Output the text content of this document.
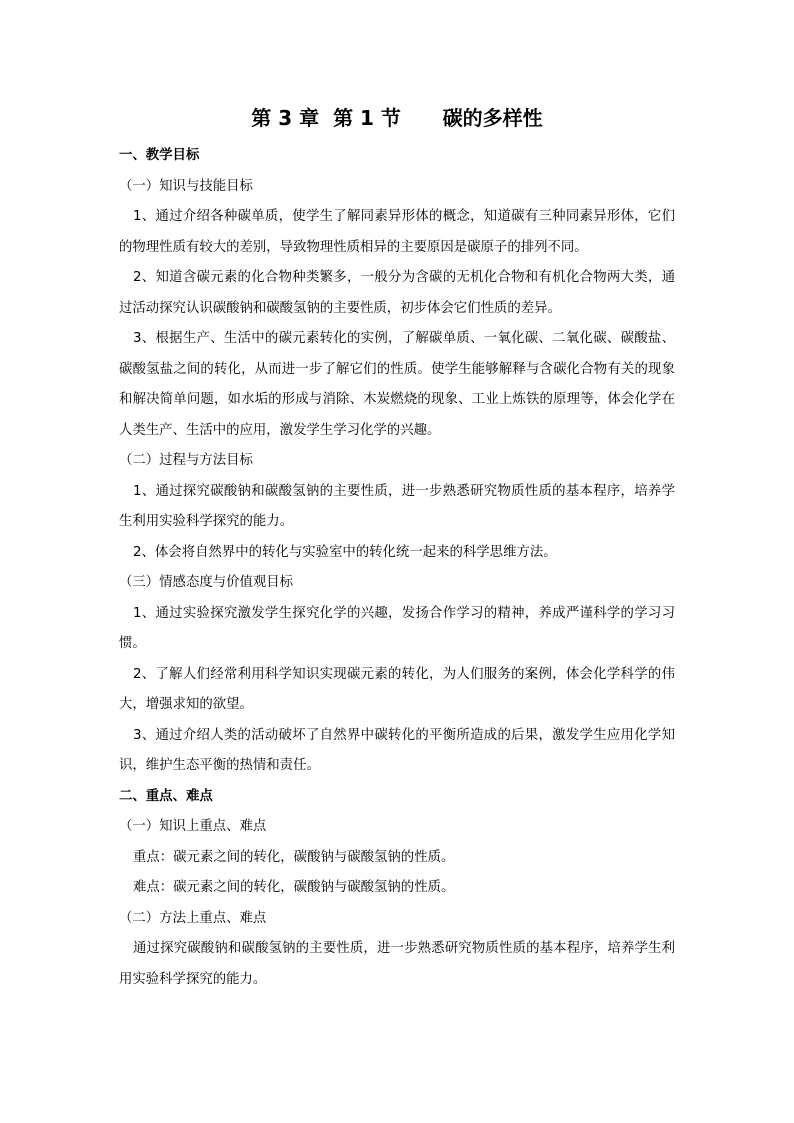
第 3 章  第 1 节      碳的多样性

一、教学目标

（一）知识与技能目标

1、通过介绍各种碳单质，使学生了解同素异形体的概念，知道碳有三种同素异形体，它们的物理性质有较大的差别，导致物理性质相异的主要原因是碳原子的排列不同。

2、知道含碳元素的化合物种类繁多，一般分为含碳的无机化合物和有机化合物两大类，通过活动探究认识碳酸钠和碳酸氢钠的主要性质，初步体会它们性质的差异。

3、根据生产、生活中的碳元素转化的实例，了解碳单质、一氧化碳、二氧化碳、碳酸盐、碳酸氢盐之间的转化，从而进一步了解它们的性质。使学生能够解释与含碳化合物有关的现象和解决简单问题，如水垢的形成与消除、木炭燃烧的现象、工业上炼铁的原理等，体会化学在人类生产、生活中的应用，激发学生学习化学的兴趣。

（二）过程与方法目标

1、通过探究碳酸钠和碳酸氢钠的主要性质，进一步熟悉研究物质性质的基本程序，培养学生利用实验科学探究的能力。

2、体会将自然界中的转化与实验室中的转化统一起来的科学思维方法。

（三）情感态度与价值观目标

1、通过实验探究激发学生探究化学的兴趣，发扬合作学习的精神，养成严谨科学的学习习惯。

2、了解人们经常利用科学知识实现碳元素的转化，为人们服务的案例，体会化学科学的伟大，增强求知的欲望。

3、通过介绍人类的活动破坏了自然界中碳转化的平衡所造成的后果，激发学生应用化学知识，维护生态平衡的热情和责任。

二、重点、难点

（一）知识上重点、难点

重点：碳元素之间的转化，碳酸钠与碳酸氢钠的性质。

难点：碳元素之间的转化，碳酸钠与碳酸氢钠的性质。

（二）方法上重点、难点

通过探究碳酸钠和碳酸氢钠的主要性质，进一步熟悉研究物质性质的基本程序，培养学生利用实验科学探究的能力。
